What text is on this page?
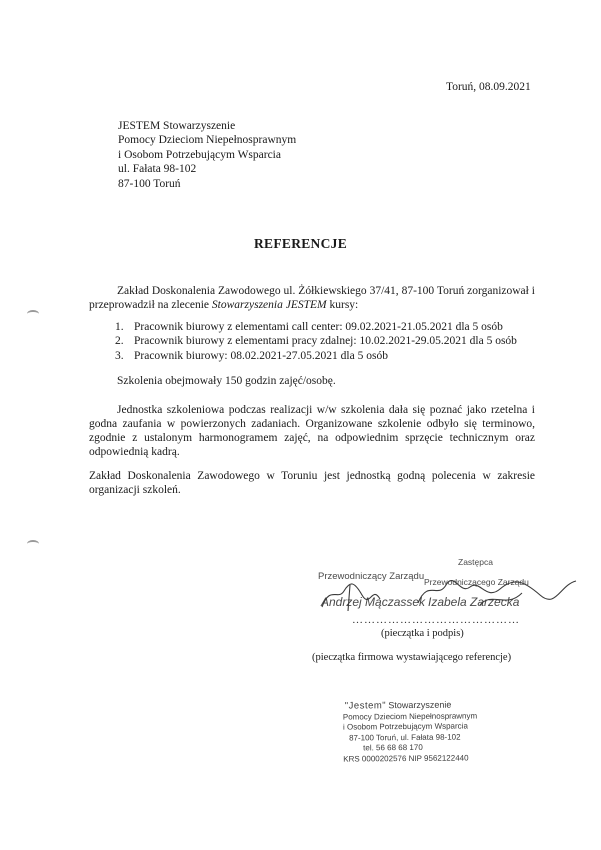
Toruń, 08.09.2021
JESTEM Stowarzyszenie
Pomocy Dzieciom Niepełnosprawnym
i Osobom Potrzebującym Wsparcia
ul. Fałata 98-102
87-100 Toruń
REFERENCJE
Zakład Doskonalenia Zawodowego ul. Żółkiewskiego 37/41, 87-100 Toruń zorganizował i przeprowadził na zlecenie Stowarzyszenia JESTEM kursy:
1. Pracownik biurowy z elementami call center: 09.02.2021-21.05.2021 dla 5 osób
2. Pracownik biurowy z elementami pracy zdalnej: 10.02.2021-29.05.2021 dla 5 osób
3. Pracownik biurowy: 08.02.2021-27.05.2021 dla 5 osób
Szkolenia obejmowały 150 godzin zajęć/osobę.
Jednostka szkoleniowa podczas realizacji w/w szkolenia dała się poznać jako rzetelna i godna zaufania w powierzonych zadaniach. Organizowane szkolenie odbyło się terminowo, zgodnie z ustalonym harmonogramem zajęć, na odpowiednim sprzęcie technicznym oraz odpowiednią kadrą.
Zakład Doskonalenia Zawodowego w Toruniu jest jednostką godną polecenia w zakresie organizacji szkoleń.
Przewodniczący Zarządu
Andrzej Mączassek
Zastępca
Przewodniczącego Zarządu
Izabela Zarzecka
……………………………………
(pieczątka i podpis)
(pieczątka firmowa wystawiającego referencje)
"Jestem" Stowarzyszenie
Pomocy Dzieciom Niepełnosprawnym
i Osobom Potrzebującym Wsparcia
87-100 Toruń, ul. Fałata 98-102
tel. 56 68 68 170
KRS 0000202576 NIP 9562122440
